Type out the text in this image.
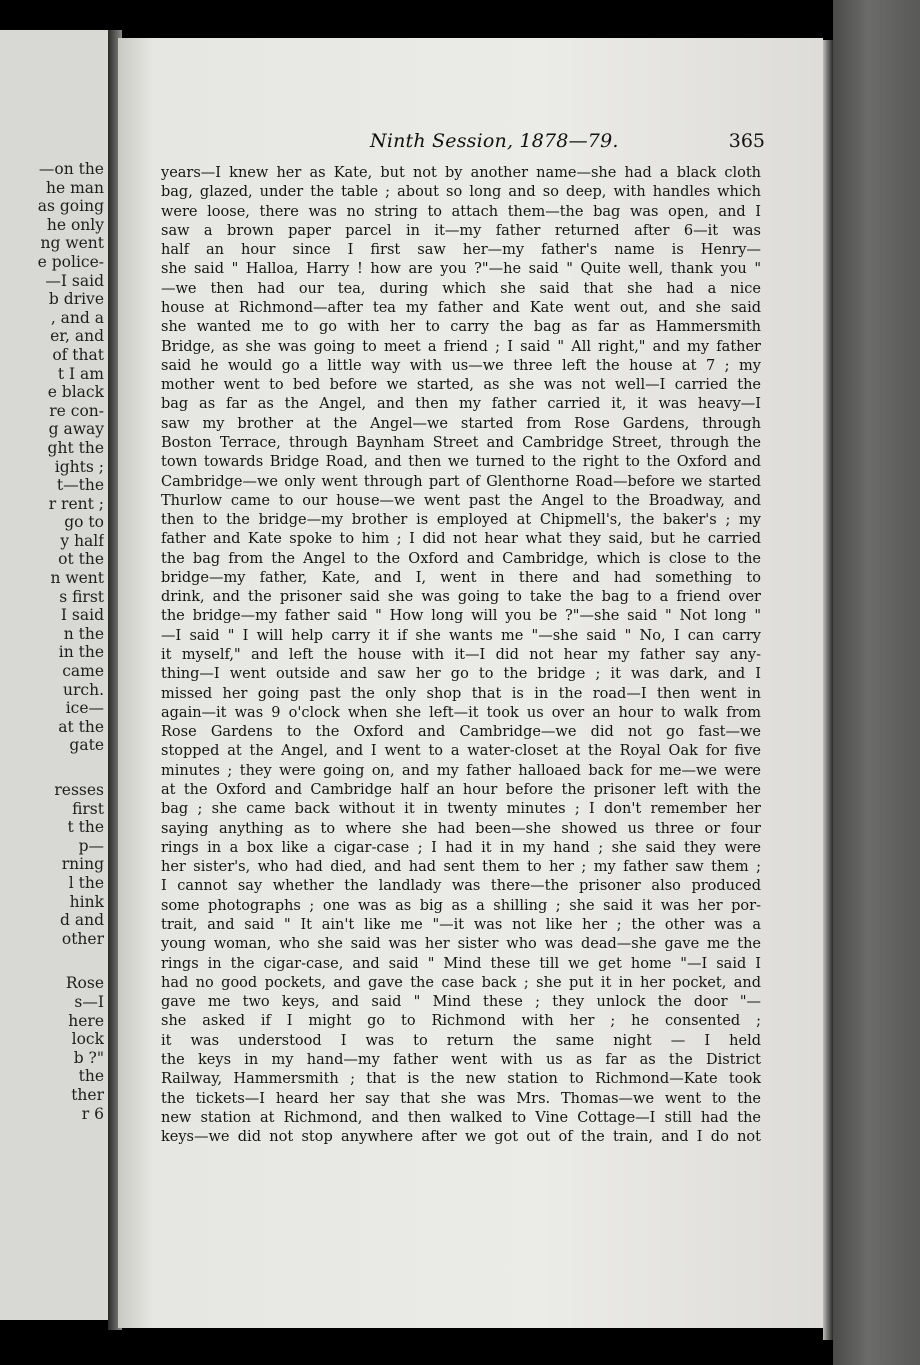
—on the
he man
as going
he only
ng went
e police-
—I said
b drive
, and a
er, and
of that
t I am
e black
re con-
g away
ght the
ights ;
t—the
r rent ;
go to
y half
ot the
n went
s first
I said
n the
in the
came
urch.
ice—
at the
gate
resses
first
t the
p—
rning
l the
hink
d and
other
Rose
s—I
here
lock
b ?"
the
ther
r 6
Ninth Session, 1878—79.	365
years—I knew her as Kate, but not by another name—she had a black cloth
bag, glazed, under the table ; about so long and so deep, with handles which
were loose, there was no string to attach them—the bag was open, and I
saw a brown paper parcel in it—my father returned after 6—it was
half an hour since I first saw her—my father's name is Henry—
she said " Halloa, Harry ! how are you ?"—he said " Quite well, thank you "
—we then had our tea, during which she said that she had a nice
house at Richmond—after tea my father and Kate went out, and she said
she wanted me to go with her to carry the bag as far as Hammersmith
Bridge, as she was going to meet a friend ; I said " All right," and my father
said he would go a little way with us—we three left the house at 7 ; my
mother went to bed before we started, as she was not well—I carried the
bag as far as the Angel, and then my father carried it, it was heavy—I
saw my brother at the Angel—we started from Rose Gardens, through
Boston Terrace, through Baynham Street and Cambridge Street, through the
town towards Bridge Road, and then we turned to the right to the Oxford and
Cambridge—we only went through part of Glenthorne Road—before we started
Thurlow came to our house—we went past the Angel to the Broadway, and
then to the bridge—my brother is employed at Chipmell's, the baker's ; my
father and Kate spoke to him ; I did not hear what they said, but he carried
the bag from the Angel to the Oxford and Cambridge, which is close to the
bridge—my father, Kate, and I, went in there and had something to
drink, and the prisoner said she was going to take the bag to a friend over
the bridge—my father said " How long will you be ?"—she said " Not long "
—I said " I will help carry it if she wants me "—she said " No, I can carry
it myself," and left the house with it—I did not hear my father say any-
thing—I went outside and saw her go to the bridge ; it was dark, and I
missed her going past the only shop that is in the road—I then went in
again—it was 9 o'clock when she left—it took us over an hour to walk from
Rose Gardens to the Oxford and Cambridge—we did not go fast—we
stopped at the Angel, and I went to a water-closet at the Royal Oak for five
minutes ; they were going on, and my father halloaed back for me—we were
at the Oxford and Cambridge half an hour before the prisoner left with the
bag ; she came back without it in twenty minutes ; I don't remember her
saying anything as to where she had been—she showed us three or four
rings in a box like a cigar-case ; I had it in my hand ; she said they were
her sister's, who had died, and had sent them to her ; my father saw them ;
I cannot say whether the landlady was there—the prisoner also produced
some photographs ; one was as big as a shilling ; she said it was her por-
trait, and said " It ain't like me "—it was not like her ; the other was a
young woman, who she said was her sister who was dead—she gave me the
rings in the cigar-case, and said " Mind these till we get home "—I said I
had no good pockets, and gave the case back ; she put it in her pocket, and
gave me two keys, and said " Mind these ; they unlock the door "—
she asked if I might go to Richmond with her ; he consented ;
it was understood I was to return the same night — I held
the keys in my hand—my father went with us as far as the District
Railway, Hammersmith ; that is the new station to Richmond—Kate took
the tickets—I heard her say that she was Mrs. Thomas—we went to the
new station at Richmond, and then walked to Vine Cottage—I still had the
keys—we did not stop anywhere after we got out of the train, and I do not
